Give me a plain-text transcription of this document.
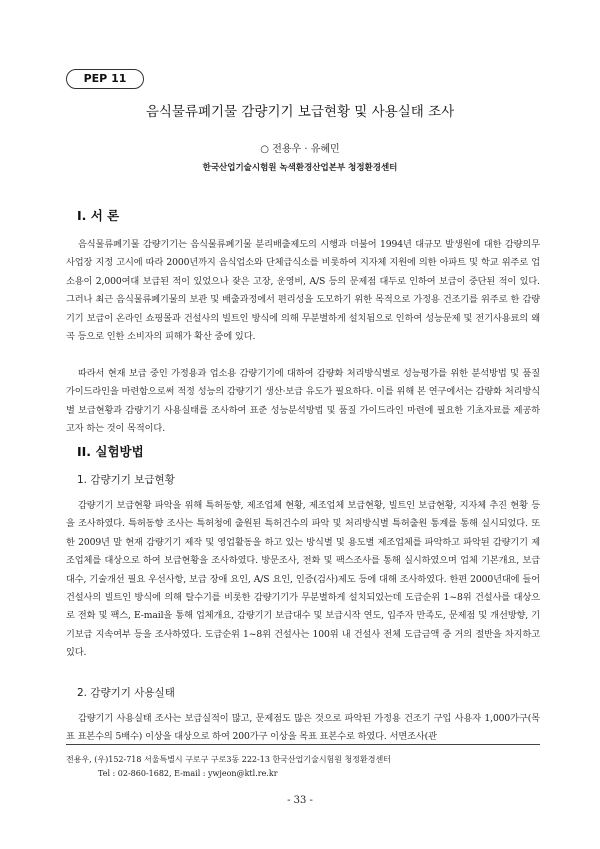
PEP 11
음식물류폐기물 감량기기 보급현황 및 사용실태 조사
○ 전용우 · 유혜민
한국산업기술시험원 녹색환경산업본부 청정환경센터
I. 서 론
음식물류폐기물 감량기기는 음식물류폐기물 분리배출제도의 시행과 더불어 1994년 대규모 발생원에 대한 감량의무사업장 지정 고시에 따라 2000년까지 음식업소와 단체급식소를 비롯하여 지자체 지원에 의한 아파트 및 학교 위주로 업소용이 2,000여대 보급된 적이 있었으나 잦은 고장, 운영비, A/S 등의 문제점 대두로 인하여 보급이 중단된 적이 있다. 그러나 최근 음식물류폐기물의 보관 및 배출과정에서 편리성을 도모하기 위한 목적으로 가정용 건조기를 위주로 한 감량기기 보급이 온라인 쇼핑몰과 건설사의 빌트인 방식에 의해 무분별하게 설치됨으로 인하여 성능문제 및 전기사용료의 왜곡 등으로 인한 소비자의 피해가 확산 중에 있다.
따라서 현재 보급 중인 가정용과 업소용 감량기기에 대하여 감량화 처리방식별로 성능평가를 위한 분석방법 및 품질 가이드라인을 마련함으로써 적정 성능의 감량기기 생산·보급 유도가 필요하다. 이를 위해 본 연구에서는 감량화 처리방식별 보급현황과 감량기기 사용실태를 조사하여 표준 성능분석방법 및 품질 가이드라인 마련에 필요한 기초자료를 제공하고자 하는 것이 목적이다.
II. 실험방법
1. 감량기기 보급현황
감량기기 보급현황 파악을 위해 특허동향, 제조업체 현황, 제조업체 보급현황, 빌트인 보급현황, 지자체 추진 현황 등을 조사하였다. 특허동향 조사는 특허청에 출원된 특허건수의 파악 및 처리방식별 특허출원 통계를 통해 실시되었다. 또한 2009년 말 현재 감량기기 제작 및 영업활동을 하고 있는 방식별 및 용도별 제조업체를 파악하고 파악된 감량기기 제조업체를 대상으로 하여 보급현황을 조사하였다. 방문조사, 전화 및 팩스조사를 통해 실시하였으며 업체 기본개요, 보급대수, 기술개선 필요 우선사항, 보급 장애 요인, A/S 요인, 인증(검사)제도 등에 대해 조사하였다. 한편 2000년대에 들어 건설사의 빌트인 방식에 의해 탈수기를 비롯한 감량기기가 무분별하게 설치되었는데 도급순위 1~8위 건설사를 대상으로 전화 및 팩스, E-mail을 통해 업체개요, 감량기기 보급대수 및 보급시작 연도, 입주자 만족도, 문제점 및 개선방향, 기기보급 지속여부 등을 조사하였다. 도급순위 1~8위 건설사는 100위 내 건설사 전체 도급금액 중 거의 절반을 차지하고 있다.
2. 감량기기 사용실태
감량기기 사용실태 조사는 보급실적이 많고, 문제점도 많은 것으로 파악된 가정용 건조기 구입 사용자 1,000가구(목표 표본수의 5배수) 이상을 대상으로 하여 200가구 이상을 목표 표본수로 하였다. 서면조사(관
전용우, (우)152-718 서울특별시 구로구 구로3동 222-13 한국산업기술시험원 청정환경센터
Tel : 02-860-1682, E-mail : ywjeon@ktl.re.kr
- 33 -
